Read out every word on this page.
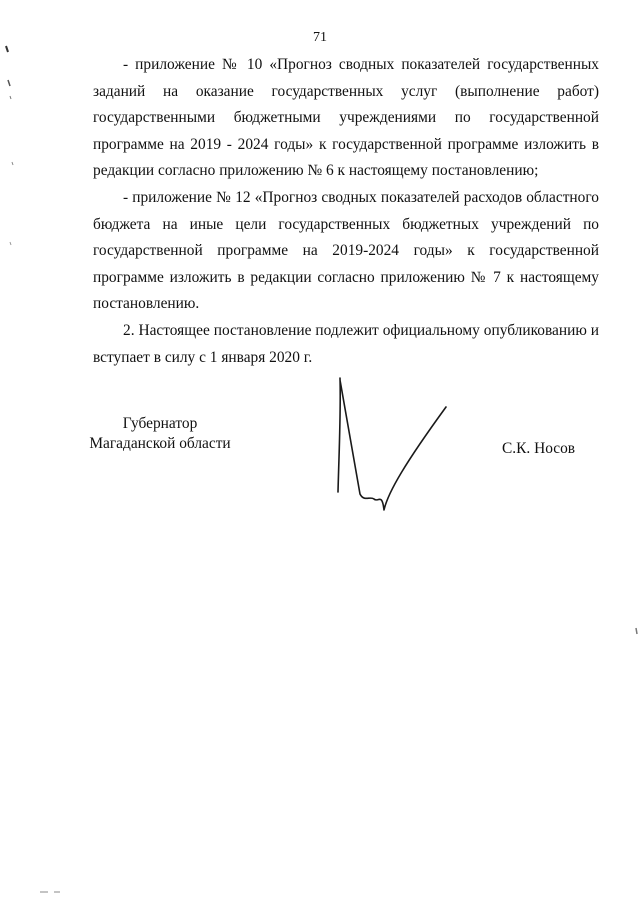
71

- приложение № 10 «Прогноз сводных показателей государственных заданий на оказание государственных услуг (выполнение работ) государственными бюджетными учреждениями по государственной программе на 2019 - 2024 годы» к государственной программе изложить в редакции согласно приложению № 6 к настоящему постановлению;

- приложение № 12 «Прогноз сводных показателей расходов областного бюджета на иные цели государственных бюджетных учреждений по государственной программе на 2019-2024 годы» к государственной программе изложить в редакции согласно приложению № 7 к настоящему постановлению.

2. Настоящее постановление подлежит официальному опубликованию и вступает в силу с 1 января 2020 г.

Губернатор
Магаданской области	С.К. Носов
